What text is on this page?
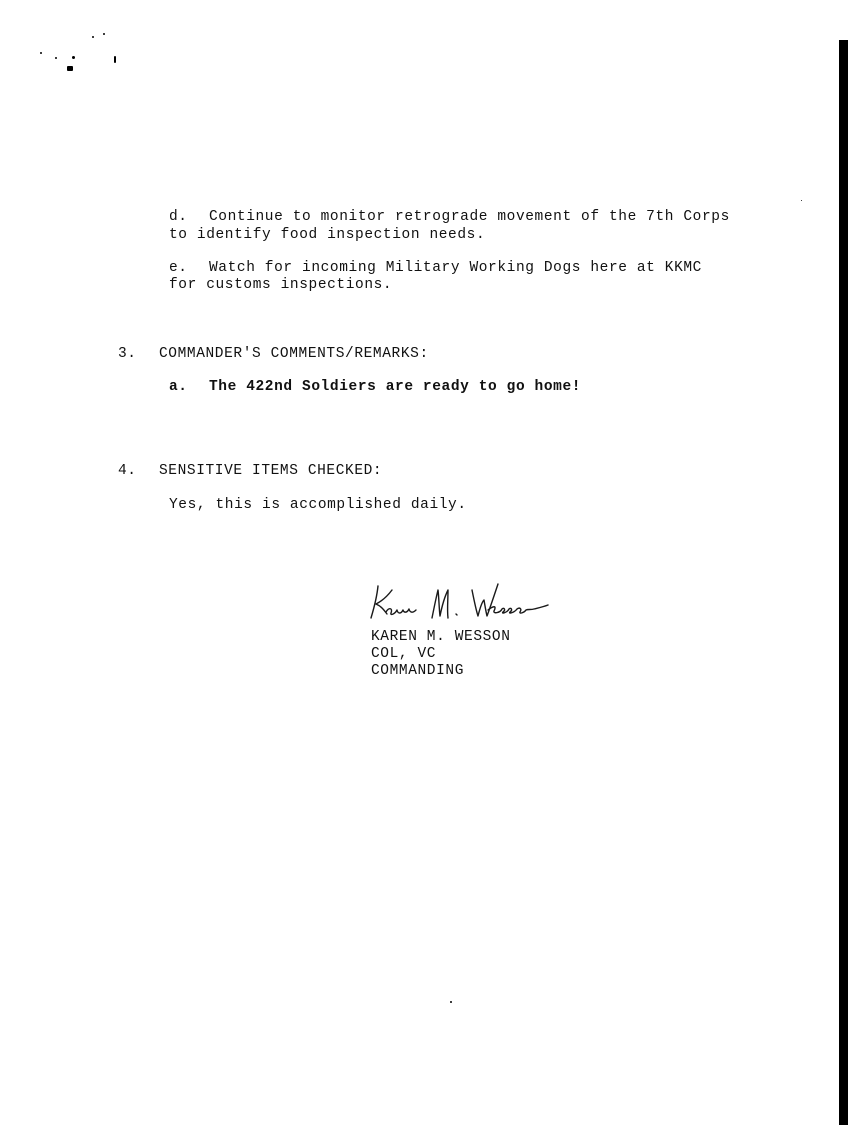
d. Continue to monitor retrograde movement of the 7th Corps
to identify food inspection needs.
e. Watch for incoming Military Working Dogs here at KKMC
for customs inspections.
3. COMMANDER'S COMMENTS/REMARKS:
a. The 422nd Soldiers are ready to go home!
4. SENSITIVE ITEMS CHECKED:
Yes, this is accomplished daily.
KAREN M. WESSON
COL, VC
COMMANDING
